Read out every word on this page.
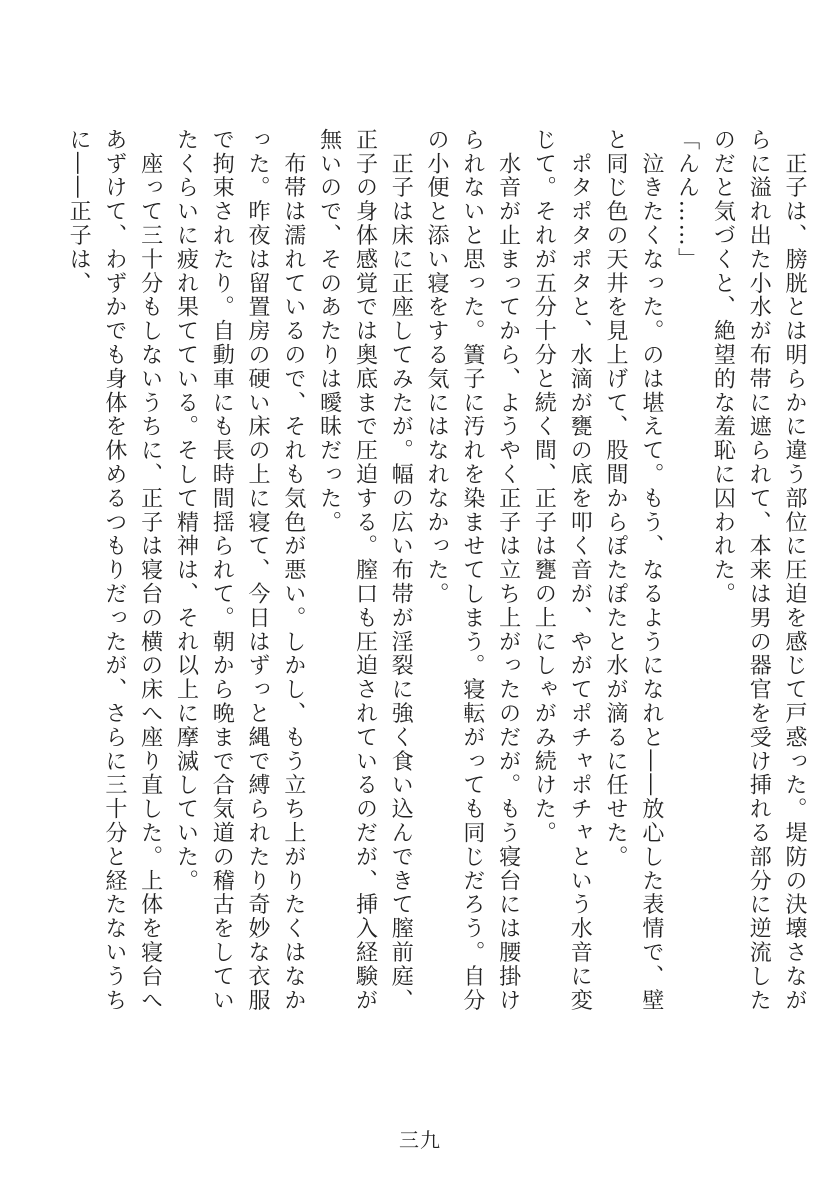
　正子は、膀胱とは明らかに違う部位に圧迫を感じて戸惑った。堤防の決壊さながらに溢れ出た小水が布帯に遮られて、本来は男の器官を受け挿れる部分に逆流したのだと気づくと、絶望的な羞恥に囚われた。

「んん……」

　泣きたくなった。のは堪えて。もう、なるようになれと――放心した表情で、壁と同じ色の天井を見上げて、股間からぽたぽたと水が滴るに任せた。

　ポタポタポタと、水滴が甕の底を叩く音が、やがてポチャポチャという水音に変じて。それが五分十分と続く間、正子は甕の上にしゃがみ続けた。

　水音が止まってから、ようやく正子は立ち上がったのだが。もう寝台には腰掛けられないと思った。簀子に汚れを染ませてしまう。寝転がっても同じだろう。自分の小便と添い寝をする気にはなれなかった。

　正子は床に正座してみたが。幅の広い布帯が淫裂に強く食い込んできて膣前庭、正子の身体感覚では奥底まで圧迫する。膣口も圧迫されているのだが、挿入経験が無いので、そのあたりは曖昧だった。

　布帯は濡れているので、それも気色が悪い。しかし、もう立ち上がりたくはなかった。昨夜は留置房の硬い床の上に寝て、今日はずっと縄で縛られたり奇妙な衣服で拘束されたり。自動車にも長時間揺られて。朝から晩まで合気道の稽古をしていたくらいに疲れ果てている。そして精神は、それ以上に摩滅していた。

　座って三十分もしないうちに、正子は寝台の横の床へ座り直した。上体を寝台へあずけて、わずかでも身体を休めるつもりだったが、さらに三十分と経たないうちに――正子は、

三九
